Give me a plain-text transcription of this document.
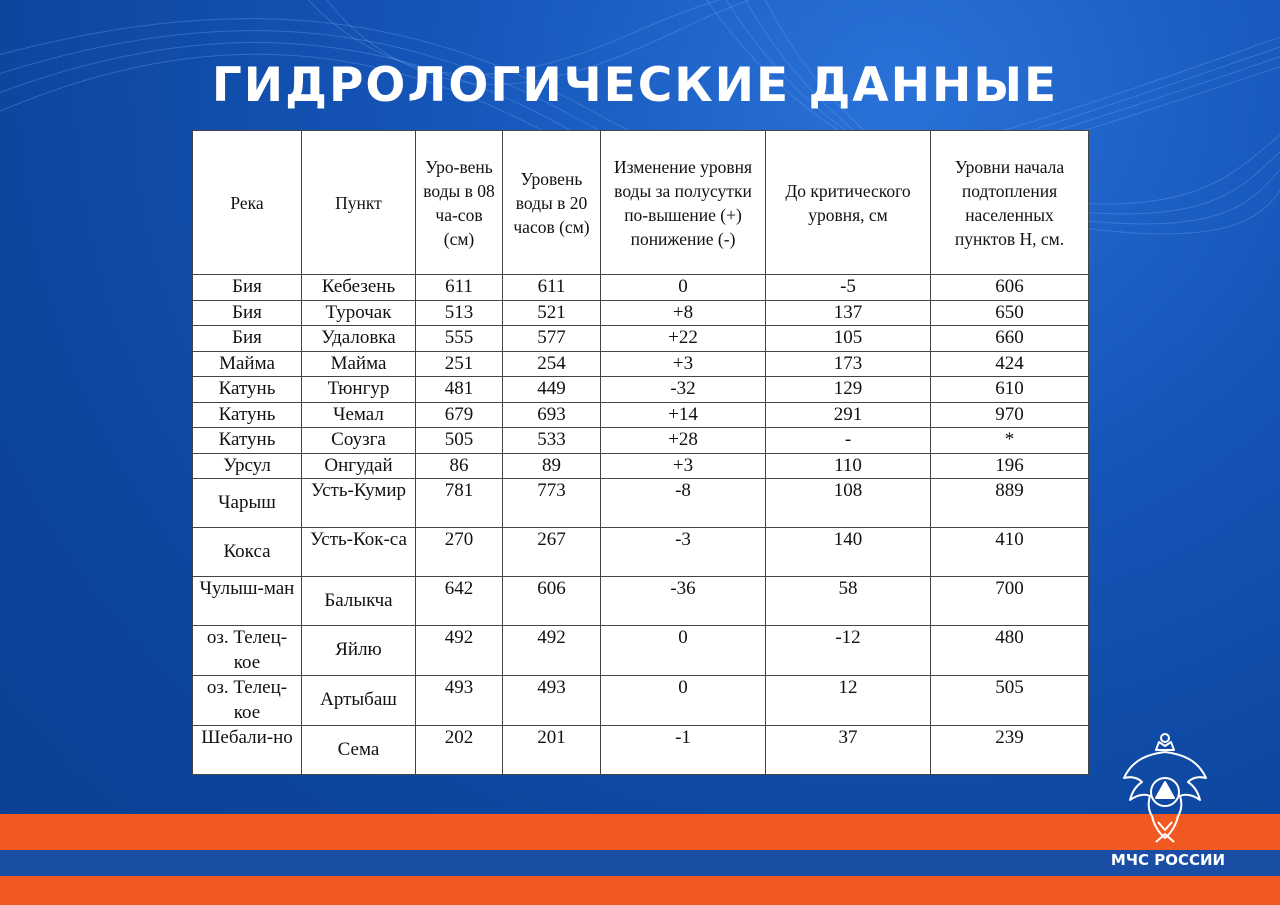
ГИДРОЛОГИЧЕСКИЕ ДАННЫЕ
Река	Пункт	Уро-вень воды в 08 ча-сов (см)	Уровень воды в 20 часов (см)	Изменение уровня воды за полусутки по-вышение (+) понижение (-)	До критического уровня, см	Уровни начала подтопления населенных пунктов Н, см.
Бия	Кебезень	611	611	0	-5	606
Бия	Турочак	513	521	+8	137	650
Бия	Удаловка	555	577	+22	105	660
Майма	Майма	251	254	+3	173	424
Катунь	Тюнгур	481	449	-32	129	610
Катунь	Чемал	679	693	+14	291	970
Катунь	Соузга	505	533	+28	-	*
Урсул	Онгудай	86	89	+3	110	196
Чарыш	Усть-Кумир	781	773	-8	108	889
Кокса	Усть-Кок-са	270	267	-3	140	410
Чулыш-ман	Балыкча	642	606	-36	58	700
оз. Телец-кое	Яйлю	492	492	0	-12	480
оз. Телец-кое	Артыбаш	493	493	0	12	505
Шебали-но	Сема	202	201	-1	37	239
МЧС РОССИИ
